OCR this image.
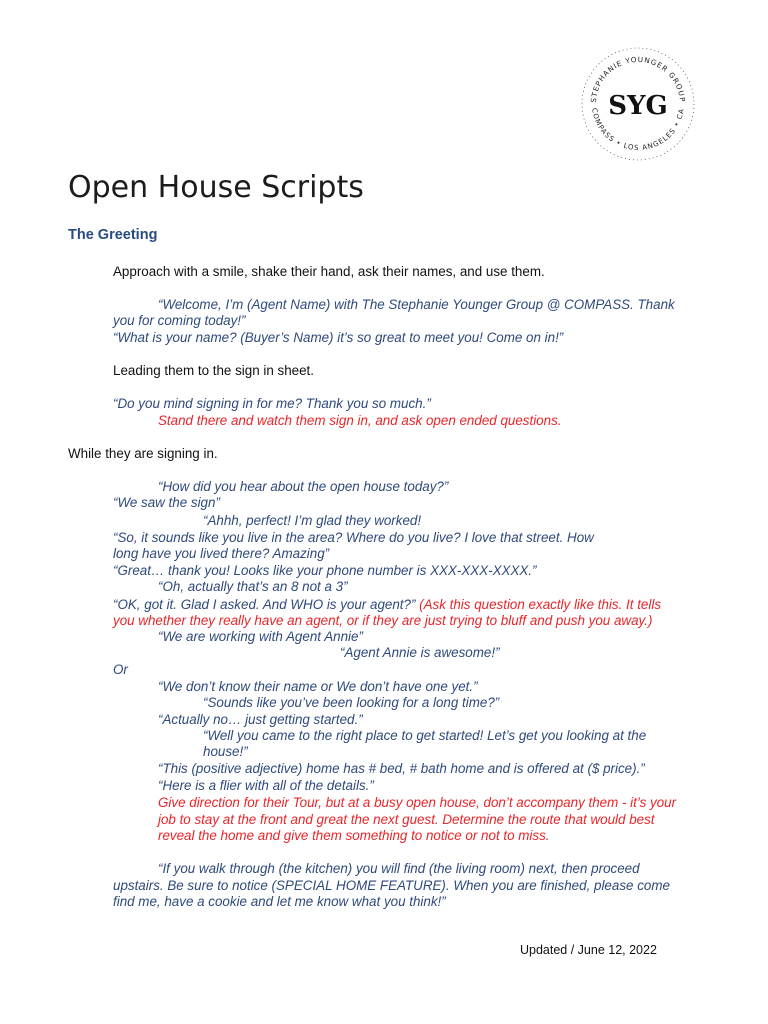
STEPHANIE YOUNGER GROUP
COMPASS • LOS ANGELES • CA
SYG
Open House Scripts
The Greeting
Approach with a smile, shake their hand, ask their names, and use them.
“Welcome, I’m (Agent Name) with The Stephanie Younger Group @ COMPASS. Thank
you for coming today!”
“What is your name? (Buyer’s Name) it’s so great to meet you! Come on in!”
Leading them to the sign in sheet.
“Do you mind signing in for me? Thank you so much.”
Stand there and watch them sign in, and ask open ended questions.
While they are signing in.
“How did you hear about the open house today?”
“We saw the sign”
“Ahhh, perfect! I’m glad they worked!
“So, it sounds like you live in the area? Where do you live? I love that street. How
long have you lived there? Amazing”
“Great… thank you! Looks like your phone number is XXX-XXX-XXXX.”
“Oh, actually that’s an 8 not a 3”
“OK, got it. Glad I asked. And WHO is your agent?” (Ask this question exactly like this. It tells
you whether they really have an agent, or if they are just trying to bluff and push you away.)
“We are working with Agent Annie”
“Agent Annie is awesome!”
Or
“We don’t know their name or We don’t have one yet.”
“Sounds like you’ve been looking for a long time?”
“Actually no… just getting started.”
“Well you came to the right place to get started! Let’s get you looking at the
house!”
“This (positive adjective) home has # bed, # bath home and is offered at ($ price).”
“Here is a flier with all of the details.”
Give direction for their Tour, but at a busy open house, don’t accompany them - it’s your
job to stay at the front and great the next guest. Determine the route that would best
reveal the home and give them something to notice or not to miss.
“If you walk through (the kitchen) you will find (the living room) next, then proceed
upstairs. Be sure to notice (SPECIAL HOME FEATURE). When you are finished, please come
find me, have a cookie and let me know what you think!”
Updated / June 12, 2022
